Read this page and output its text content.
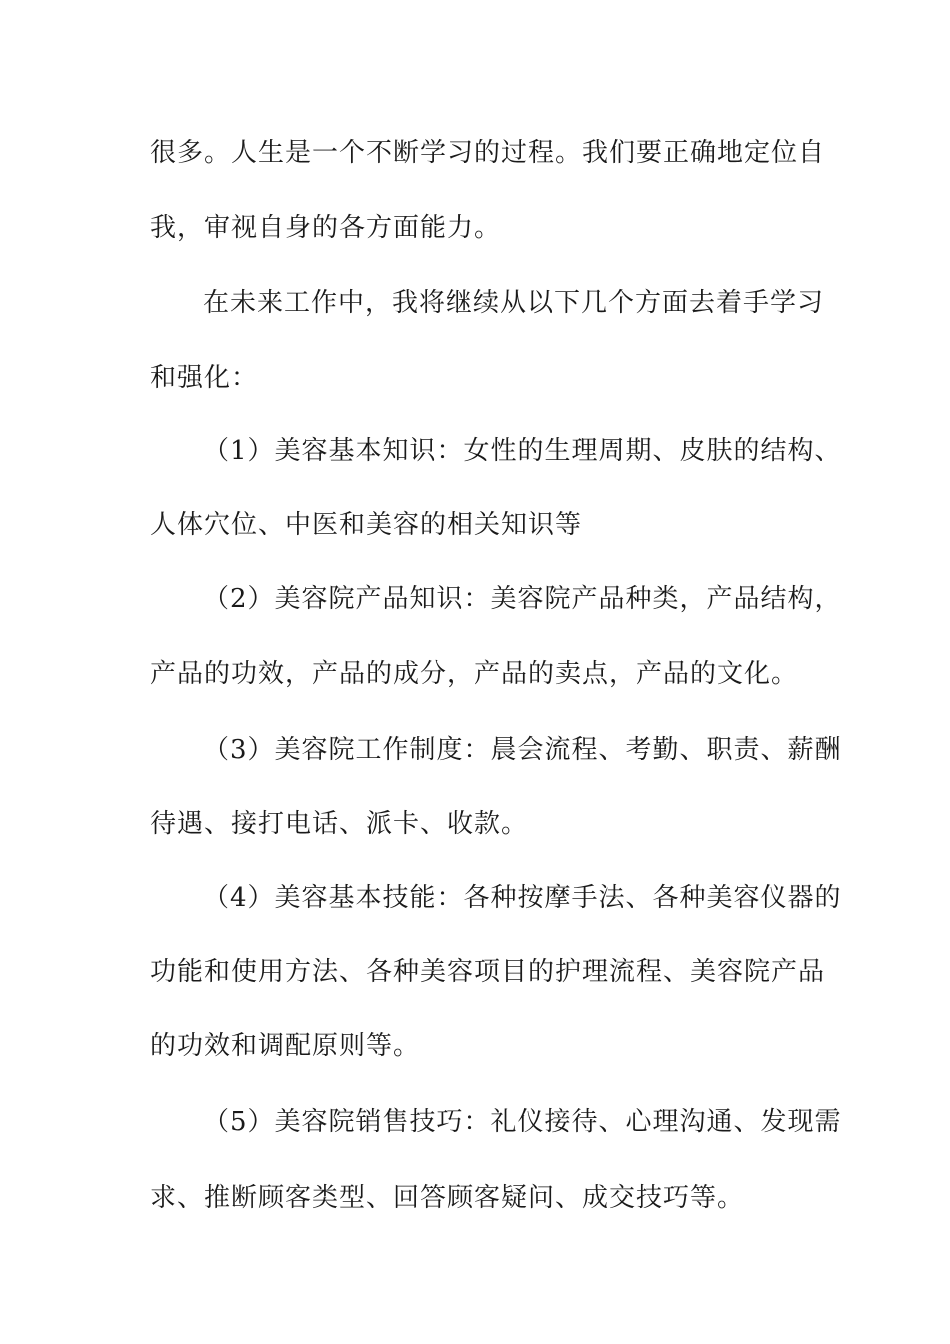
很多。人生是一个不断学习的过程。我们要正确地定位自
我，审视自身的各方面能力。
在未来工作中，我将继续从以下几个方面去着手学习
和强化：
（1）美容基本知识：女性的生理周期、皮肤的结构、
人体穴位、中医和美容的相关知识等
（2）美容院产品知识：美容院产品种类，产品结构，
产品的功效，产品的成分，产品的卖点，产品的文化。
（3）美容院工作制度：晨会流程、考勤、职责、薪酬
待遇、接打电话、派卡、收款。
（4）美容基本技能：各种按摩手法、各种美容仪器的
功能和使用方法、各种美容项目的护理流程、美容院产品
的功效和调配原则等。
（5）美容院销售技巧：礼仪接待、心理沟通、发现需
求、推断顾客类型、回答顾客疑问、成交技巧等。
